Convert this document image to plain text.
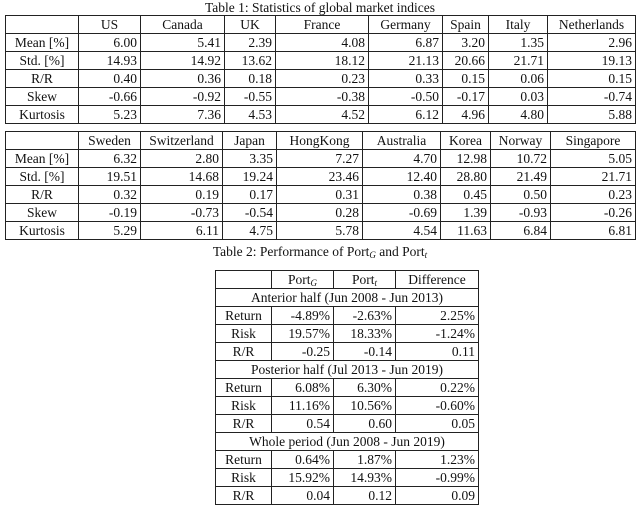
Table 1: Statistics of global market indices
	US	Canada	UK	France	Germany	Spain	Italy	Netherlands
Mean [%]	6.00	5.41	2.39	4.08	6.87	3.20	1.35	2.96
Std. [%]	14.93	14.92	13.62	18.12	21.13	20.66	21.71	19.13
R/R	0.40	0.36	0.18	0.23	0.33	0.15	0.06	0.15
Skew	-0.66	-0.92	-0.55	-0.38	-0.50	-0.17	0.03	-0.74
Kurtosis	5.23	7.36	4.53	4.52	6.12	4.96	4.80	5.88
	Sweden	Switzerland	Japan	HongKong	Australia	Korea	Norway	Singapore
Mean [%]	6.32	2.80	3.35	7.27	4.70	12.98	10.72	5.05
Std. [%]	19.51	14.68	19.24	23.46	12.40	28.80	21.49	21.71
R/R	0.32	0.19	0.17	0.31	0.38	0.45	0.50	0.23
Skew	-0.19	-0.73	-0.54	0.28	-0.69	1.39	-0.93	-0.26
Kurtosis	5.29	6.11	4.75	5.78	4.54	11.63	6.84	6.81
Table 2: Performance of Port$_G$ and Port$_t$
	Port$_G$	Port$_t$	Difference
Anterior half (Jun 2008 - Jun 2013)			
Return	-4.89%	-2.63%	2.25%
Risk	19.57%	18.33%	-1.24%
R/R	-0.25	-0.14	0.11
Posterior half (Jul 2013 - Jun 2019)			
Return	6.08%	6.30%	0.22%
Risk	11.16%	10.56%	-0.60%
R/R	0.54	0.60	0.05
Whole period (Jun 2008 - Jun 2019)			
Return	0.64%	1.87%	1.23%
Risk	15.92%	14.93%	-0.99%
R/R	0.04	0.12	0.09
